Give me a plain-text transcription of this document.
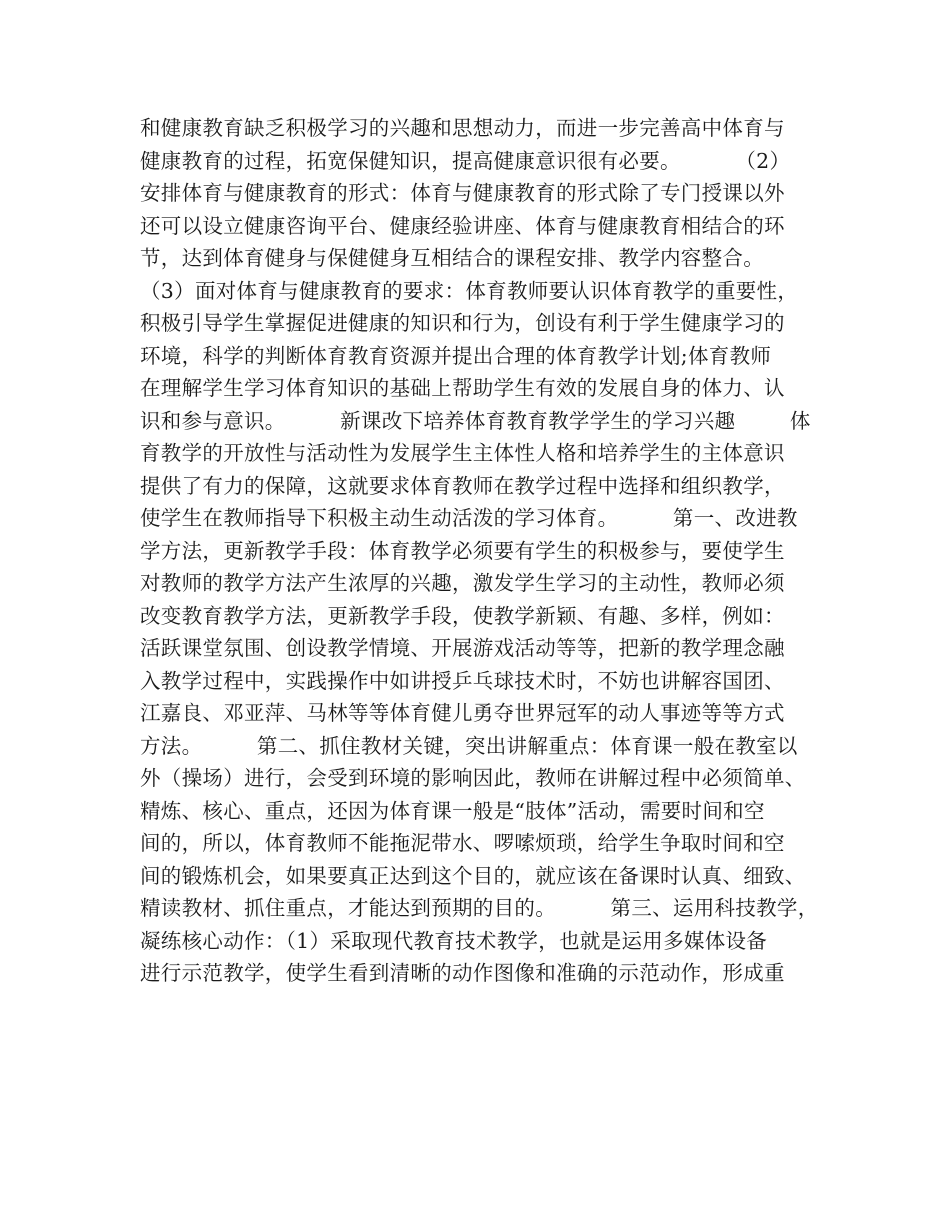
和健康教育缺乏积极学习的兴趣和思想动力，而进一步完善高中体育与
健康教育的过程，拓宽保健知识，提高健康意识很有必要。        （2）
安排体育与健康教育的形式：体育与健康教育的形式除了专门授课以外
还可以设立健康咨询平台、健康经验讲座、体育与健康教育相结合的环
节，达到体育健身与保健健身互相结合的课程安排、教学内容整合。
（3）面对体育与健康教育的要求：体育教师要认识体育教学的重要性，
积极引导学生掌握促进健康的知识和行为，创设有利于学生健康学习的
环境，科学的判断体育教育资源并提出合理的体育教学计划;体育教师
在理解学生学习体育知识的基础上帮助学生有效的发展自身的体力、认
识和参与意识。        新课改下培养体育教育教学学生的学习兴趣        体
育教学的开放性与活动性为发展学生主体性人格和培养学生的主体意识
提供了有力的保障，这就要求体育教师在教学过程中选择和组织教学，
使学生在教师指导下积极主动生动活泼的学习体育。        第一、改进教
学方法，更新教学手段：体育教学必须要有学生的积极参与，要使学生
对教师的教学方法产生浓厚的兴趣，激发学生学习的主动性，教师必须
改变教育教学方法，更新教学手段，使教学新颖、有趣、多样，例如：
活跃课堂氛围、创设教学情境、开展游戏活动等等，把新的教学理念融
入教学过程中，实践操作中如讲授乒乓球技术时，不妨也讲解容国团、
江嘉良、邓亚萍、马林等等体育健儿勇夺世界冠军的动人事迹等等方式
方法。        第二、抓住教材关键，突出讲解重点：体育课一般在教室以
外（操场）进行，会受到环境的影响因此，教师在讲解过程中必须简单、
精炼、核心、重点，还因为体育课一般是“肢体”活动，需要时间和空
间的，所以，体育教师不能拖泥带水、啰嗦烦琐，给学生争取时间和空
间的锻炼机会，如果要真正达到这个目的，就应该在备课时认真、细致、
精读教材、抓住重点，才能达到预期的目的。        第三、运用科技教学，
凝练核心动作：（1）采取现代教育技术教学，也就是运用多媒体设备
进行示范教学，使学生看到清晰的动作图像和准确的示范动作，形成重
